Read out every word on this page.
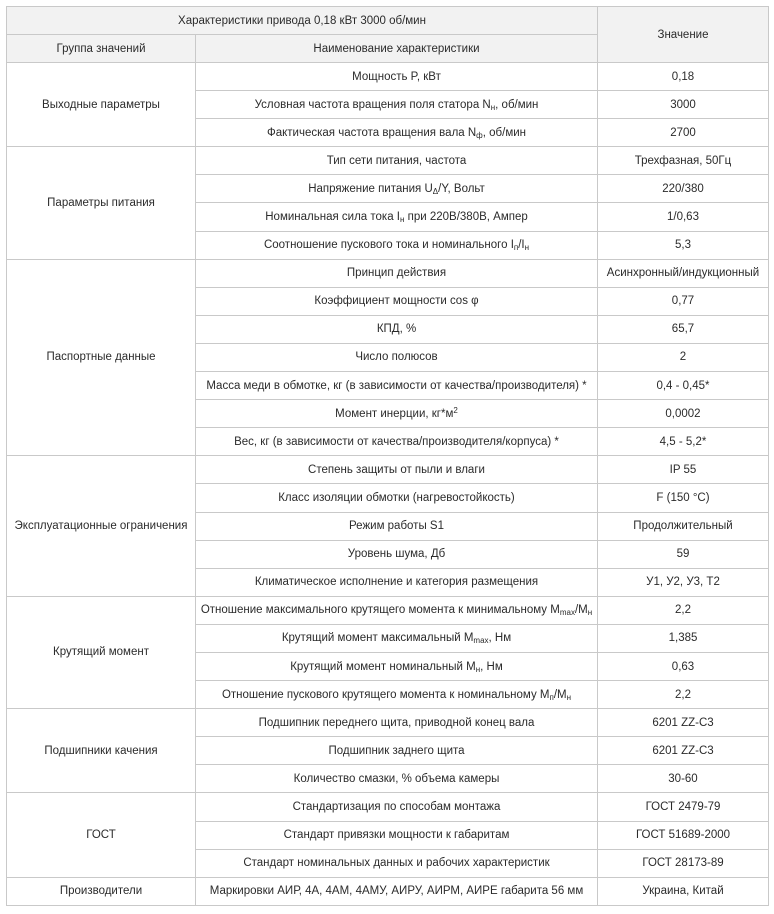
Характеристики привода 0,18 кВт 3000 об/мин		Значение
Группа значений	Наименование характеристики	
Выходные параметры	Мощность P, кВт	0,18
	Условная частота вращения поля статора $N_н$, об/мин	3000
	Фактическая частота вращения вала $N_ф$, об/мин	2700
Параметры питания	Тип сети питания, частота	Трехфазная, 50Гц
	Напряжение питания $U_\Delta/Y$, Вольт	220/380
	Номинальная сила тока $I_н$ при 220В/380В, Ампер	1/0,63
	Соотношение пускового тока и номинального $I_п/I_н$	5,3
Паспортные данные	Принцип действия	Асинхронный/индукционный
	Коэффициент мощности cos φ	0,77
	КПД, %	65,7
	Число полюсов	2
	Масса меди в обмотке, кг (в зависимости от качества/производителя) *	0,4 - 0,45*
	Момент инерции, $кг*м^2$	0,0002
	Вес, кг (в зависимости от качества/производителя/корпуса) *	4,5 - 5,2*
Эксплуатационные ограничения	Степень защиты от пыли и влаги	IP 55
	Класс изоляции обмотки (нагревостойкость)	F (150 °С)
	Режим работы S1	Продолжительный
	Уровень шума, Дб	59
	Климатическое исполнение и категория размещения	У1, У2, У3, Т2
Крутящий момент	Отношение максимального крутящего момента к минимальному $M_{max}/M_н$	2,2
	Крутящий момент максимальный $M_{max}$, Нм	1,385
	Крутящий момент номинальный $M_н$, Нм	0,63
	Отношение пускового крутящего момента к номинальному $M_п/M_н$	2,2
Подшипники качения	Подшипник переднего щита, приводной конец вала	6201 ZZ-C3
	Подшипник заднего щита	6201 ZZ-C3
	Количество смазки, % объема камеры	30-60
ГОСТ	Стандартизация по способам монтажа	ГОСТ 2479-79
	Стандарт привязки мощности к габаритам	ГОСТ 51689-2000
	Стандарт номинальных данных и рабочих характеристик	ГОСТ 28173-89
Производители	Маркировки АИР, 4А, 4АМ, 4АМУ, АИРУ, АИРМ, АИРЕ габарита 56 мм	Украина, Китай
